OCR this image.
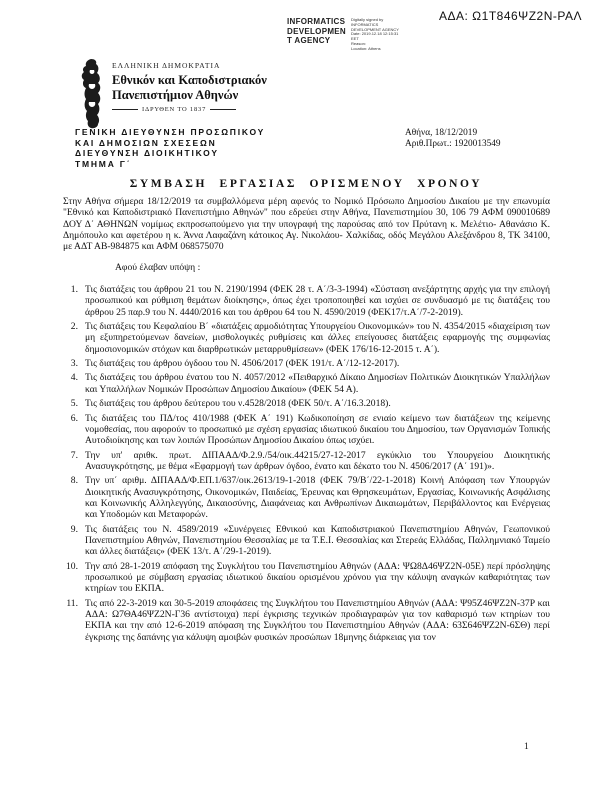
ΑΔΑ: Ω1Τ846ΨΖ2Ν-ΡΑΛ
INFORMATICS
DEVELOPMEN
T AGENCY
Digitally signed by
INFORMATICS
DEVELOPMENT AGENCY
Date: 2019.12.18 12:15:31
EET
Reason:
Location: Athens
ΕΛΛΗΝΙΚΗ ΔΗΜΟΚΡΑΤΙΑ
Εθνικόν και Καποδιστριακόν
Πανεπιστήμιον Αθηνών
ΙΔΡΥΘΕΝ ΤΟ 1837
ΓΕΝΙΚΗ ΔΙΕΥΘΥΝΣΗ ΠΡΟΣΩΠΙΚΟΥ
ΚΑΙ ΔΗΜΟΣΙΩΝ ΣΧΕΣΕΩΝ
ΔΙΕΥΘΥΝΣΗ ΔΙΟΙΚΗΤΙΚΟΥ
ΤΜΗΜΑ Γ΄
Αθήνα, 18/12/2019
Αριθ.Πρωτ.: 1920013549
ΣΥΜΒΑΣΗ ΕΡΓΑΣΙΑΣ ΟΡΙΣΜΕΝΟΥ ΧΡΟΝΟΥ

Στην Αθήνα σήμερα 18/12/2019 τα συμβαλλόμενα μέρη αφενός το Νομικό Πρόσωπο Δημοσίου Δικαίου με την επωνυμία "Εθνικό και Καποδιστριακό Πανεπιστήμιο Αθηνών" που εδρεύει στην Αθήνα, Πανεπιστημίου 30, 106 79 ΑΦΜ 090010689 ΔΟΥ Δ΄ ΑΘΗΝΩΝ νομίμως εκπροσωπούμενο για την υπογραφή της παρούσας από τον Πρύτανη κ. Μελέτιο- Αθανάσιο Κ. Δημόπουλο και αφετέρου η κ. Άννα Λαφαζάνη κάτοικος Αγ. Νικολάου- Χαλκίδας, οδός Μεγάλου Αλεξάνδρου 8, ΤΚ 34100, με ΑΔΤ ΑΒ-984875 και ΑΦΜ 068575070

Αφού έλαβαν υπόψη :

1. Τις διατάξεις του άρθρου 21 του Ν. 2190/1994 (ΦΕΚ 28 τ. Α΄/3-3-1994) «Σύσταση ανεξάρτητης αρχής για την επιλογή προσωπικού και ρύθμιση θεμάτων διοίκησης», όπως έχει τροποποιηθεί και ισχύει σε συνδυασμό με τις διατάξεις του άρθρου 25 παρ.9 του Ν. 4440/2016 και του άρθρου 64 του Ν. 4590/2019 (ΦΕΚ17/τ.Α΄/7-2-2019).
2. Τις διατάξεις του Κεφαλαίου Β΄ «διατάξεις αρμοδιότητας Υπουργείου Οικονομικών» του Ν. 4354/2015 «διαχείριση των μη εξυπηρετούμενων δανείων, μισθολογικές ρυθμίσεις και άλλες επείγουσες διατάξεις εφαρμογής της συμφωνίας δημοσιονομικών στόχων και διαρθρωτικών μεταρρυθμίσεων» (ΦΕΚ 176/16-12-2015 τ. Α΄).
3. Τις διατάξεις του άρθρου όγδοου του Ν. 4506/2017 (ΦΕΚ 191/τ. Α΄/12-12-2017).
4. Τις διατάξεις του άρθρου ένατου του Ν. 4057/2012 «Πειθαρχικό Δίκαιο Δημοσίων Πολιτικών Διοικητικών Υπαλλήλων και Υπαλλήλων Νομικών Προσώπων Δημοσίου Δικαίου» (ΦΕΚ 54 Α).
5. Τις διατάξεις του άρθρου δεύτερου του ν.4528/2018 (ΦΕΚ 50/τ. Α΄/16.3.2018).
6. Τις διατάξεις του ΠΔ/τος 410/1988 (ΦΕΚ Α΄ 191) Κωδικοποίηση σε ενιαίο κείμενο των διατάξεων της κείμενης νομοθεσίας, που αφορούν το προσωπικό με σχέση εργασίας ιδιωτικού δικαίου του Δημοσίου, των Οργανισμών Τοπικής Αυτοδιοίκησης και των λοιπών Προσώπων Δημοσίου Δικαίου όπως ισχύει.
7. Την υπ' αριθκ. πρωτ. ΔΙΠΑΑΔ/Φ.2.9./54/οικ.44215/27-12-2017 εγκύκλιο του Υπουργείου Διοικητικής Ανασυγκρότησης, με θέμα «Εφαρμογή των άρθρων όγδοο, ένατο και δέκατο του Ν. 4506/2017 (Α΄ 191)».
8. Την υπ΄ αριθμ. ΔΙΠΑΑΔ/Φ.ΕΠ.1/637/οικ.2613/19-1-2018 (ΦΕΚ 79/Β΄/22-1-2018) Κοινή Απόφαση των Υπουργών Διοικητικής Ανασυγκρότησης, Οικονομικών, Παιδείας, Έρευνας και Θρησκευμάτων, Εργασίας, Κοινωνικής Ασφάλισης και Κοινωνικής Αλληλεγγύης, Δικαιοσύνης, Διαφάνειας και Ανθρωπίνων Δικαιωμάτων, Περιβάλλοντος και Ενέργειας και Υποδομών και Μεταφορών.
9. Τις διατάξεις του Ν. 4589/2019 «Συνέργειες Εθνικού και Καποδιστριακού Πανεπιστημίου Αθηνών, Γεωπονικού Πανεπιστημίου Αθηνών, Πανεπιστημίου Θεσσαλίας με τα Τ.Ε.Ι. Θεσσαλίας και Στερεάς Ελλάδας, Παλλημνιακό Ταμείο και άλλες διατάξεις» (ΦΕΚ 13/τ. Α΄/29-1-2019).
10. Την από 28-1-2019 απόφαση της Συγκλήτου του Πανεπιστημίου Αθηνών (ΑΔΑ: ΨΩ8Δ46ΨΖ2Ν-05Ε) περί πρόσληψης προσωπικού με σύμβαση εργασίας ιδιωτικού δικαίου ορισμένου χρόνου για την κάλυψη αναγκών καθαριότητας των κτηρίων του ΕΚΠΑ.
11. Τις από 22-3-2019 και 30-5-2019 αποφάσεις της Συγκλήτου του Πανεπιστημίου Αθηνών (ΑΔΑ: Ψ95Ζ46ΨΖ2Ν-37Ρ και ΑΔΑ: Ω7ΘΑ46ΨΖ2Ν-Γ36 αντίστοιχα) περί έγκρισης τεχνικών προδιαγραφών για τον καθαρισμό των κτηρίων του ΕΚΠΑ και την από 12-6-2019 απόφαση της Συγκλήτου του Πανεπιστημίου Αθηνών (ΑΔΑ: 63Σ646ΨΖ2Ν-6ΣΘ) περί έγκρισης της δαπάνης για κάλυψη αμοιβών φυσικών προσώπων 18μηνης διάρκειας για τον
1
